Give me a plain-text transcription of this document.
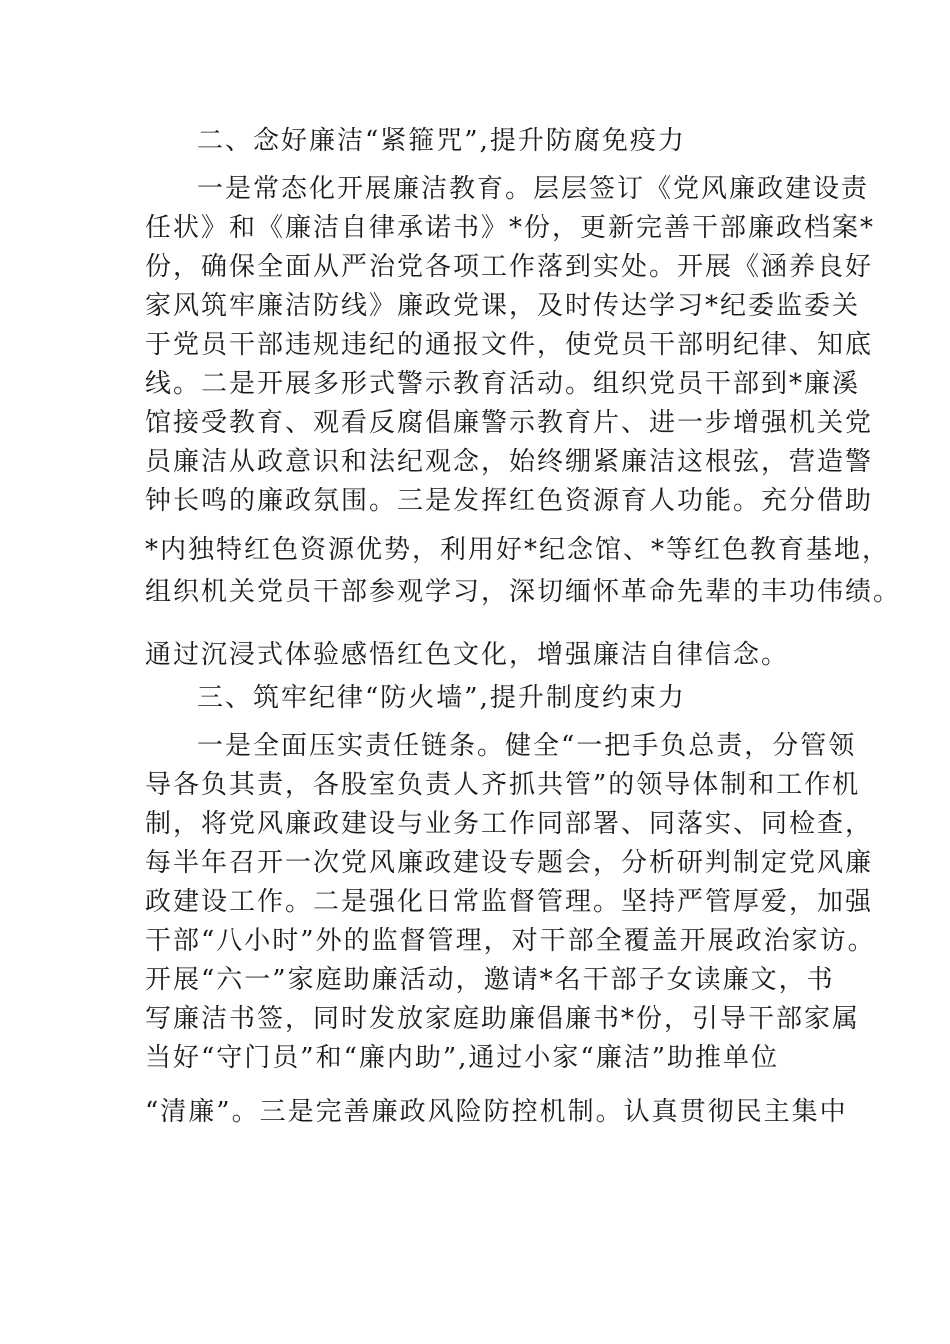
二、念好廉洁“紧箍咒”,提升防腐免疫力
一是常态化开展廉洁教育。层层签订《党风廉政建设责
任状》和《廉洁自律承诺书》*份，更新完善干部廉政档案*
份，确保全面从严治党各项工作落到实处。开展《涵养良好
家风筑牢廉洁防线》廉政党课，及时传达学习*纪委监委关
于党员干部违规违纪的通报文件，使党员干部明纪律、知底
线。二是开展多形式警示教育活动。组织党员干部到*廉溪
馆接受教育、观看反腐倡廉警示教育片、进一步增强机关党
员廉洁从政意识和法纪观念，始终绷紧廉洁这根弦，营造警
钟长鸣的廉政氛围。三是发挥红色资源育人功能。充分借助
*内独特红色资源优势，利用好*纪念馆、*等红色教育基地，
组织机关党员干部参观学习，深切缅怀革命先辈的丰功伟绩。
通过沉浸式体验感悟红色文化，增强廉洁自律信念。
三、筑牢纪律“防火墙”,提升制度约束力
一是全面压实责任链条。健全“一把手负总责，分管领
导各负其责，各股室负责人齐抓共管”的领导体制和工作机
制，将党风廉政建设与业务工作同部署、同落实、同检查，
每半年召开一次党风廉政建设专题会，分析研判制定党风廉
政建设工作。二是强化日常监督管理。坚持严管厚爱，加强
干部“八小时”外的监督管理，对干部全覆盖开展政治家访。
开展“六一”家庭助廉活动，邀请*名干部子女读廉文，书
写廉洁书签，同时发放家庭助廉倡廉书*份，引导干部家属
当好“守门员”和“廉内助”,通过小家“廉洁”助推单位
“清廉”。三是完善廉政风险防控机制。认真贯彻民主集中
